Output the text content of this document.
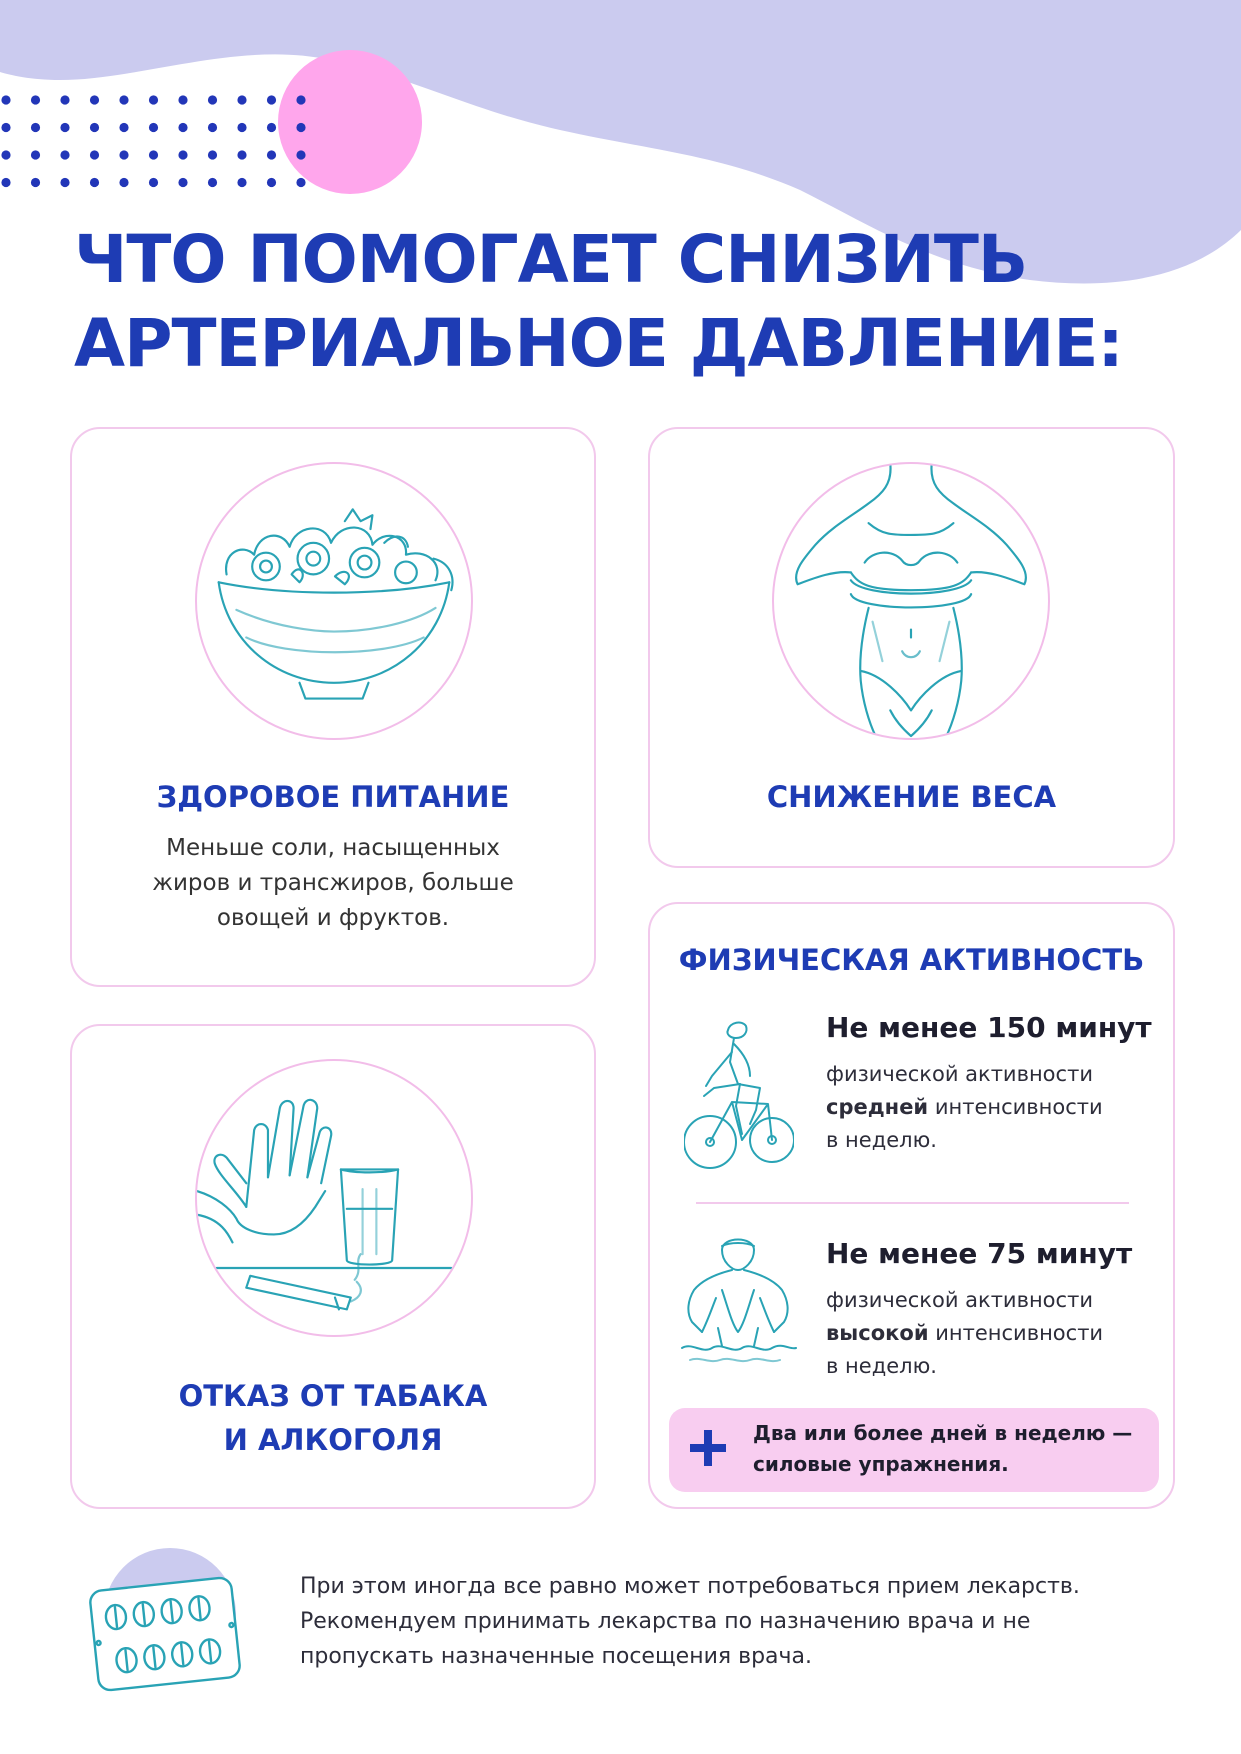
ЧТО ПОМОГАЕТ СНИЗИТЬ
АРТЕРИАЛЬНОЕ ДАВЛЕНИЕ:
ЗДОРОВОЕ ПИТАНИЕ
Меньше соли, насыщенных
жиров и трансжиров, больше
овощей и фруктов.
СНИЖЕНИЕ ВЕСА
ОТКАЗ ОТ ТАБАКА
И АЛКОГОЛЯ
ФИЗИЧЕСКАЯ АКТИВНОСТЬ
Не менее 150 минут
физической активности
средней интенсивности
в неделю.
Не менее 75 минут
физической активности
высокой интенсивности
в неделю.
Два или более дней в неделю —
силовые упражнения.
При этом иногда все равно может потребоваться прием лекарств.
Рекомендуем принимать лекарства по назначению врача и не
пропускать назначенные посещения врача.
